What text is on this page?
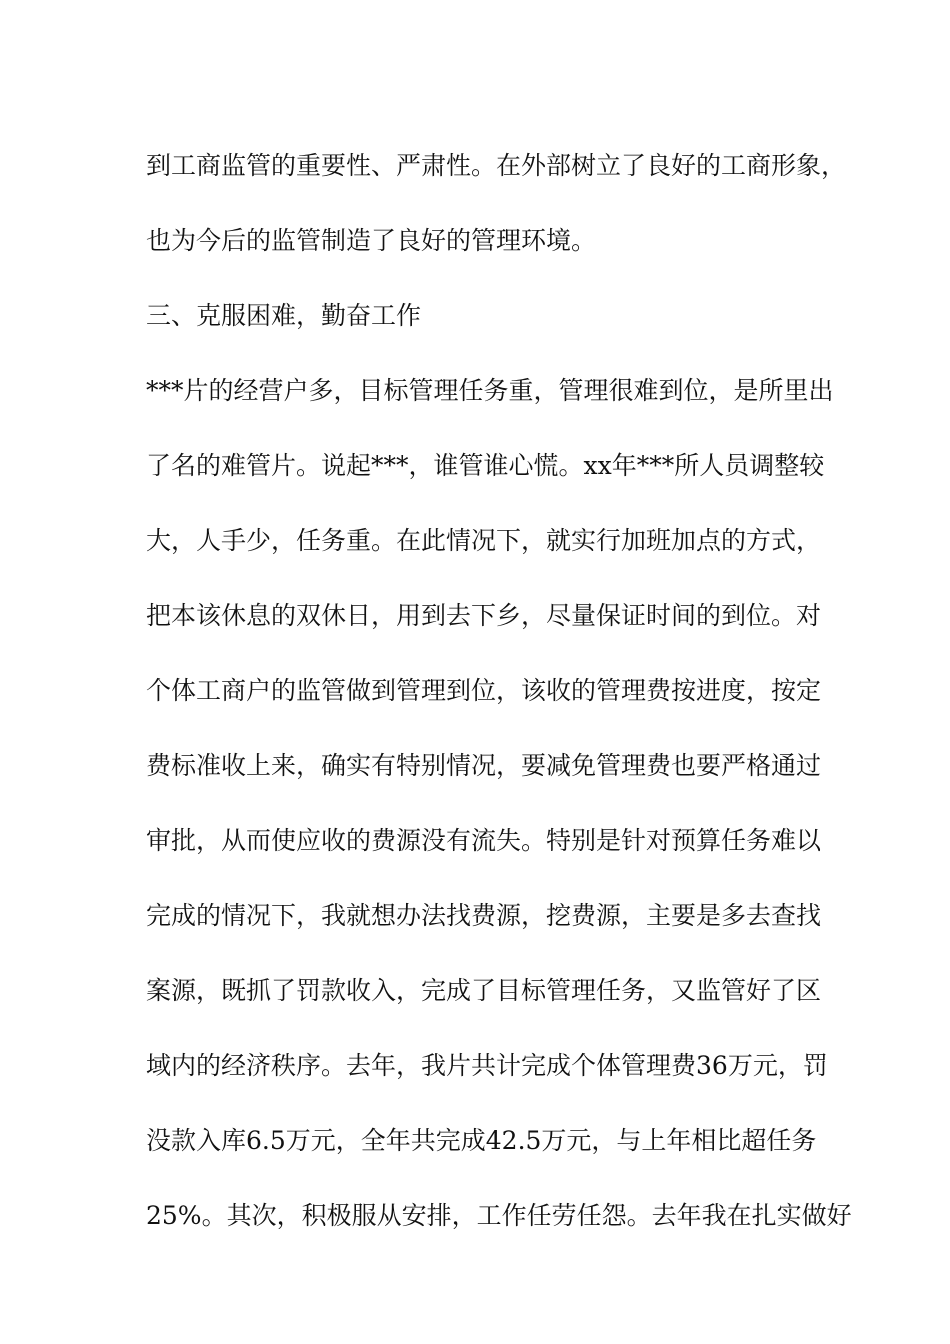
到工商监管的重要性、严肃性。在外部树立了良好的工商形象，
也为今后的监管制造了良好的管理环境。
三、克服困难，勤奋工作
***片的经营户多，目标管理任务重，管理很难到位，是所里出
了名的难管片。说起***，谁管谁心慌。xx年***所人员调整较
大，人手少，任务重。在此情况下，就实行加班加点的方式，
把本该休息的双休日，用到去下乡，尽量保证时间的到位。对
个体工商户的监管做到管理到位，该收的管理费按进度，按定
费标准收上来，确实有特别情况，要减免管理费也要严格通过
审批，从而使应收的费源没有流失。特别是针对预算任务难以
完成的情况下，我就想办法找费源，挖费源，主要是多去查找
案源，既抓了罚款收入，完成了目标管理任务，又监管好了区
域内的经济秩序。去年，我片共计完成个体管理费36万元，罚
没款入库6.5万元，全年共完成42.5万元，与上年相比超任务
25%。其次，积极服从安排，工作任劳任怨。去年我在扎实做好
